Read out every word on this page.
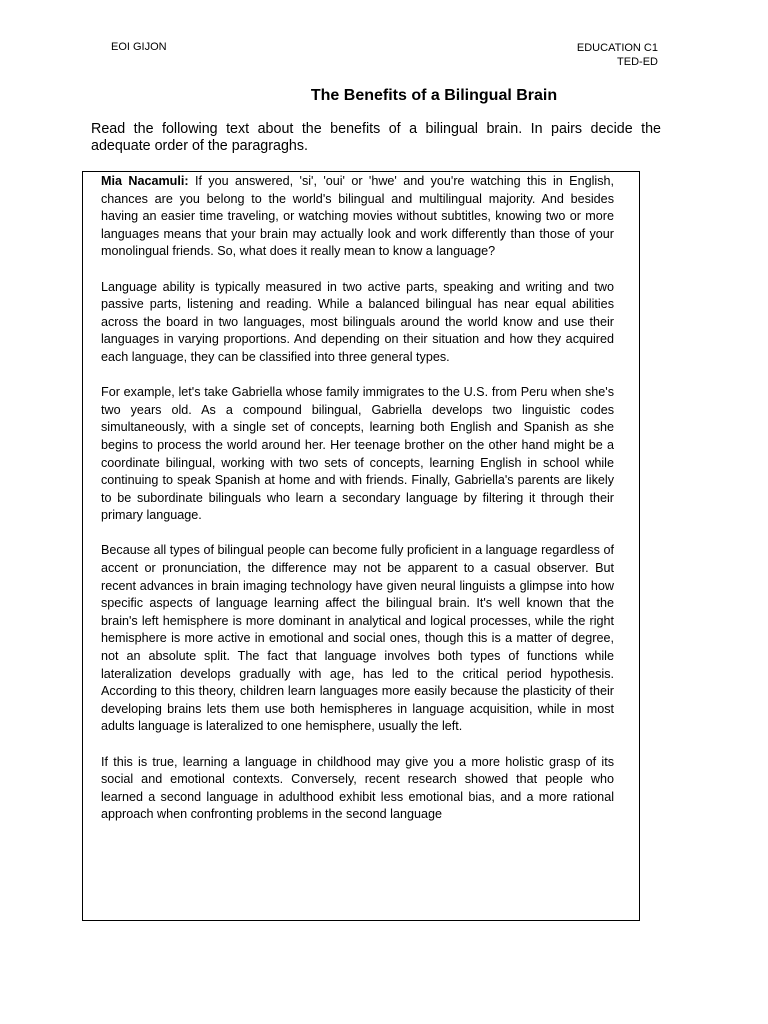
EOI GIJON	EDUCATION C1
TED-ED
The Benefits of a Bilingual Brain

Read the following text about the benefits of a bilingual brain. In pairs decide the adequate order of the paragraghs.

Mia Nacamuli: If you answered, 'si', 'oui' or 'hwe' and you're watching this in English, chances are you belong to the world's bilingual and multilingual majority. And besides having an easier time traveling, or watching movies without subtitles, knowing two or more languages means that your brain may actually look and work differently than those of your monolingual friends. So, what does it really mean to know a language?

Language ability is typically measured in two active parts, speaking and writing and two passive parts, listening and reading. While a balanced bilingual has near equal abilities across the board in two languages, most bilinguals around the world know and use their languages in varying proportions. And depending on their situation and how they acquired each language, they can be classified into three general types.

For example, let's take Gabriella whose family immigrates to the U.S. from Peru when she's two years old. As a compound bilingual, Gabriella develops two linguistic codes simultaneously, with a single set of concepts, learning both English and Spanish as she begins to process the world around her. Her teenage brother on the other hand might be a coordinate bilingual, working with two sets of concepts, learning English in school while continuing to speak Spanish at home and with friends. Finally, Gabriella's parents are likely to be subordinate bilinguals who learn a secondary language by filtering it through their primary language.

Because all types of bilingual people can become fully proficient in a language regardless of accent or pronunciation, the difference may not be apparent to a casual observer. But recent advances in brain imaging technology have given neural linguists a glimpse into how specific aspects of language learning affect the bilingual brain. It's well known that the brain's left hemisphere is more dominant in analytical and logical processes, while the right hemisphere is more active in emotional and social ones, though this is a matter of degree, not an absolute split. The fact that language involves both types of functions while lateralization develops gradually with age, has led to the critical period hypothesis. According to this theory, children learn languages more easily because the plasticity of their developing brains lets them use both hemispheres in language acquisition, while in most adults language is lateralized to one hemisphere, usually the left.

If this is true, learning a language in childhood may give you a more holistic grasp of its social and emotional contexts. Conversely, recent research showed that people who learned a second language in adulthood exhibit less emotional bias, and a more rational approach when confronting problems in the second language
